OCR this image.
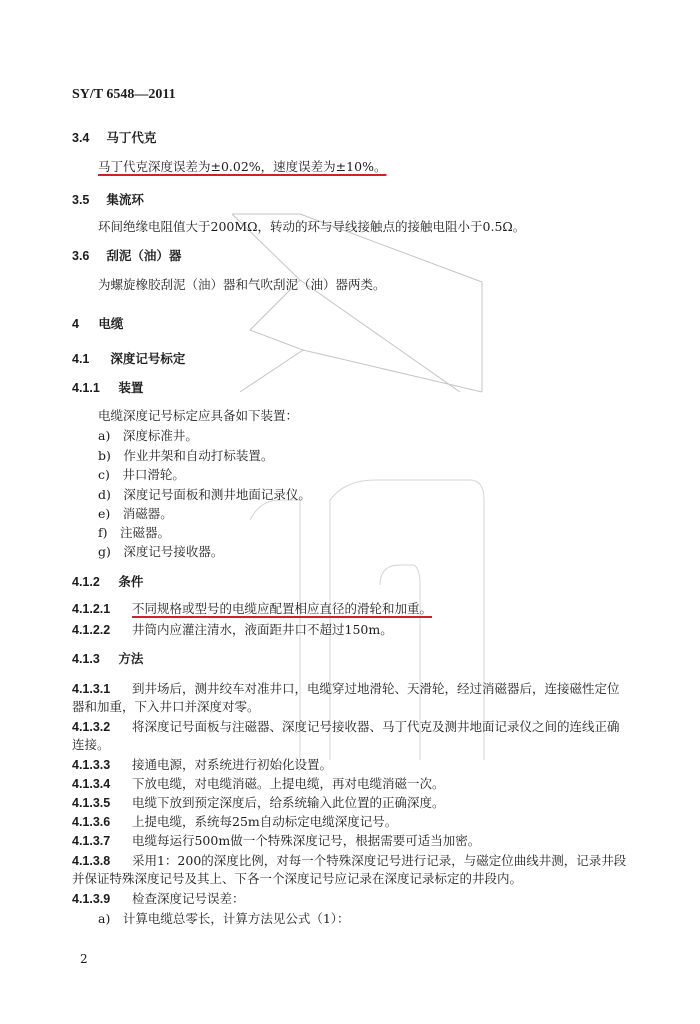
SY/T 6548—2011
3.4 马丁代克
马丁代克深度误差为±0.02%，速度误差为±10%。
3.5 集流环
环间绝缘电阻值大于200MΩ，转动的环与导线接触点的接触电阻小于0.5Ω。
3.6 刮泥（油）器
为螺旋橡胶刮泥（油）器和气吹刮泥（油）器两类。
4 电缆
4.1 深度记号标定
4.1.1 装置
电缆深度记号标定应具备如下装置：
a)　深度标准井。
b)　作业井架和自动打标装置。
c)　井口滑轮。
d)　深度记号面板和测井地面记录仪。
e)　消磁器。
f)　注磁器。
g)　深度记号接收器。
4.1.2 条件
4.1.2.1 不同规格或型号的电缆应配置相应直径的滑轮和加重。
4.1.2.2 井筒内应灌注清水，液面距井口不超过150m。
4.1.3 方法
4.1.3.1 到井场后，测井绞车对准井口，电缆穿过地滑轮、天滑轮，经过消磁器后，连接磁性定位
器和加重，下入井口并深度对零。
4.1.3.2 将深度记号面板与注磁器、深度记号接收器、马丁代克及测井地面记录仪之间的连线正确
连接。
4.1.3.3 接通电源，对系统进行初始化设置。
4.1.3.4 下放电缆，对电缆消磁。上提电缆，再对电缆消磁一次。
4.1.3.5 电缆下放到预定深度后，给系统输入此位置的正确深度。
4.1.3.6 上提电缆，系统每25m自动标定电缆深度记号。
4.1.3.7 电缆每运行500m做一个特殊深度记号，根据需要可适当加密。
4.1.3.8 采用1：200的深度比例，对每一个特殊深度记号进行记录，与磁定位曲线井测，记录井段
并保证特殊深度记号及其上、下各一个深度记号应记录在深度记录标定的井段内。
4.1.3.9 检查深度记号误差：
a)　计算电缆总零长，计算方法见公式（1）：
2
